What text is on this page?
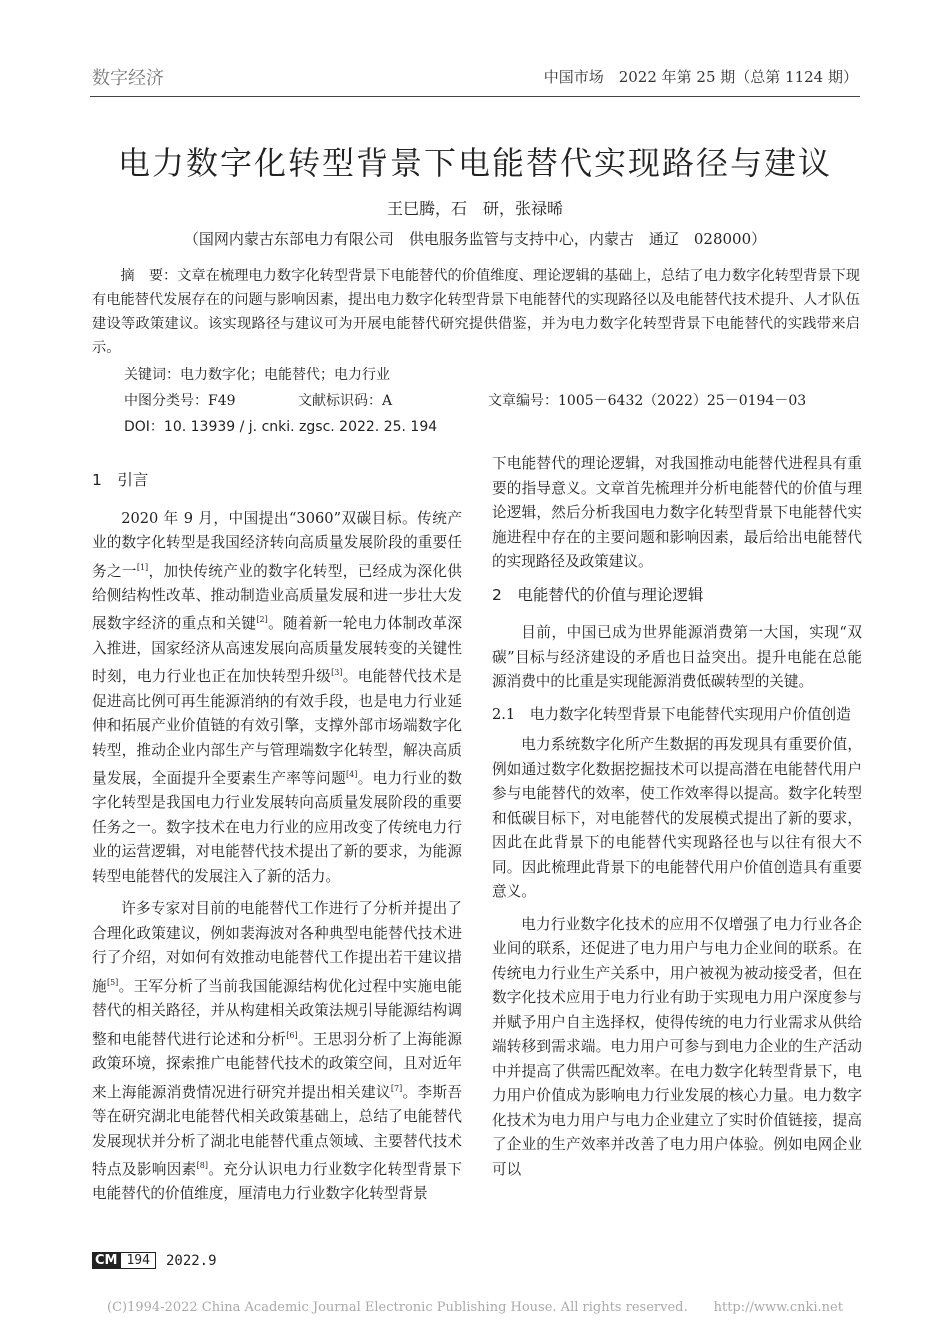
数字经济	中国市场　2022 年第 25 期（总第 1124 期）
电力数字化转型背景下电能替代实现路径与建议
王巳腾，石　研，张禄晞
（国网内蒙古东部电力有限公司　供电服务监管与支持中心，内蒙古　通辽　028000）
摘　要：文章在梳理电力数字化转型背景下电能替代的价值维度、理论逻辑的基础上，总结了电力数字化转型背景下现有电能替代发展存在的问题与影响因素，提出电力数字化转型背景下电能替代的实现路径以及电能替代技术提升、人才队伍建设等政策建议。该实现路径与建议可为开展电能替代研究提供借鉴，并为电力数字化转型背景下电能替代的实践带来启示。
关键词：电力数字化；电能替代；电力行业
中图分类号：F49	文献标识码：A	文章编号：1005－6432（2022）25－0194－03
DOI：10. 13939 / j. cnki. zgsc. 2022. 25. 194
1　引言

2020 年 9 月，中国提出“3060”双碳目标。传统产业的数字化转型是我国经济转向高质量发展阶段的重要任务之一[1]，加快传统产业的数字化转型，已经成为深化供给侧结构性改革、推动制造业高质量发展和进一步壮大发展数字经济的重点和关键[2]。随着新一轮电力体制改革深入推进，国家经济从高速发展向高质量发展转变的关键性时刻，电力行业也正在加快转型升级[3]。电能替代技术是促进高比例可再生能源消纳的有效手段，也是电力行业延伸和拓展产业价值链的有效引擎，支撑外部市场端数字化转型，推动企业内部生产与管理端数字化转型，解决高质量发展，全面提升全要素生产率等问题[4]。电力行业的数字化转型是我国电力行业发展转向高质量发展阶段的重要任务之一。数字技术在电力行业的应用改变了传统电力行业的运营逻辑，对电能替代技术提出了新的要求，为能源转型电能替代的发展注入了新的活力。

许多专家对目前的电能替代工作进行了分析并提出了合理化政策建议，例如裴海波对各种典型电能替代技术进行了介绍，对如何有效推动电能替代工作提出若干建议措施[5]。王军分析了当前我国能源结构优化过程中实施电能替代的相关路径，并从构建相关政策法规引导能源结构调整和电能替代进行论述和分析[6]。王思羽分析了上海能源政策环境，探索推广电能替代技术的政策空间，且对近年来上海能源消费情况进行研究并提出相关建议[7]。李斯吾等在研究湖北电能替代相关政策基础上，总结了电能替代发展现状并分析了湖北电能替代重点领域、主要替代技术特点及影响因素[8]。充分认识电力行业数字化转型背景下电能替代的价值维度，厘清电力行业数字化转型背景

下电能替代的理论逻辑，对我国推动电能替代进程具有重要的指导意义。文章首先梳理并分析电能替代的价值与理论逻辑，然后分析我国电力数字化转型背景下电能替代实施进程中存在的主要问题和影响因素，最后给出电能替代的实现路径及政策建议。

2　电能替代的价值与理论逻辑

目前，中国已成为世界能源消费第一大国，实现“双碳”目标与经济建设的矛盾也日益突出。提升电能在总能源消费中的比重是实现能源消费低碳转型的关键。

2.1　电力数字化转型背景下电能替代实现用户价值创造

电力系统数字化所产生数据的再发现具有重要价值，例如通过数字化数据挖掘技术可以提高潜在电能替代用户参与电能替代的效率，使工作效率得以提高。数字化转型和低碳目标下，对电能替代的发展模式提出了新的要求，因此在此背景下的电能替代实现路径也与以往有很大不同。因此梳理此背景下的电能替代用户价值创造具有重要意义。

电力行业数字化技术的应用不仅增强了电力行业各企业间的联系，还促进了电力用户与电力企业间的联系。在传统电力行业生产关系中，用户被视为被动接受者，但在数字化技术应用于电力行业有助于实现电力用户深度参与并赋予用户自主选择权，使得传统的电力行业需求从供给端转移到需求端。电力用户可参与到电力企业的生产活动中并提高了供需匹配效率。在电力数字化转型背景下，电力用户价值成为影响电力行业发展的核心力量。电力数字化技术为电力用户与电力企业建立了实时价值链接，提高了企业的生产效率并改善了电力用户体验。例如电网企业可以

CM 194	2022.9
(C)1994-2022 China Academic Journal Electronic Publishing House. All rights reserved.　　http://www.cnki.net
